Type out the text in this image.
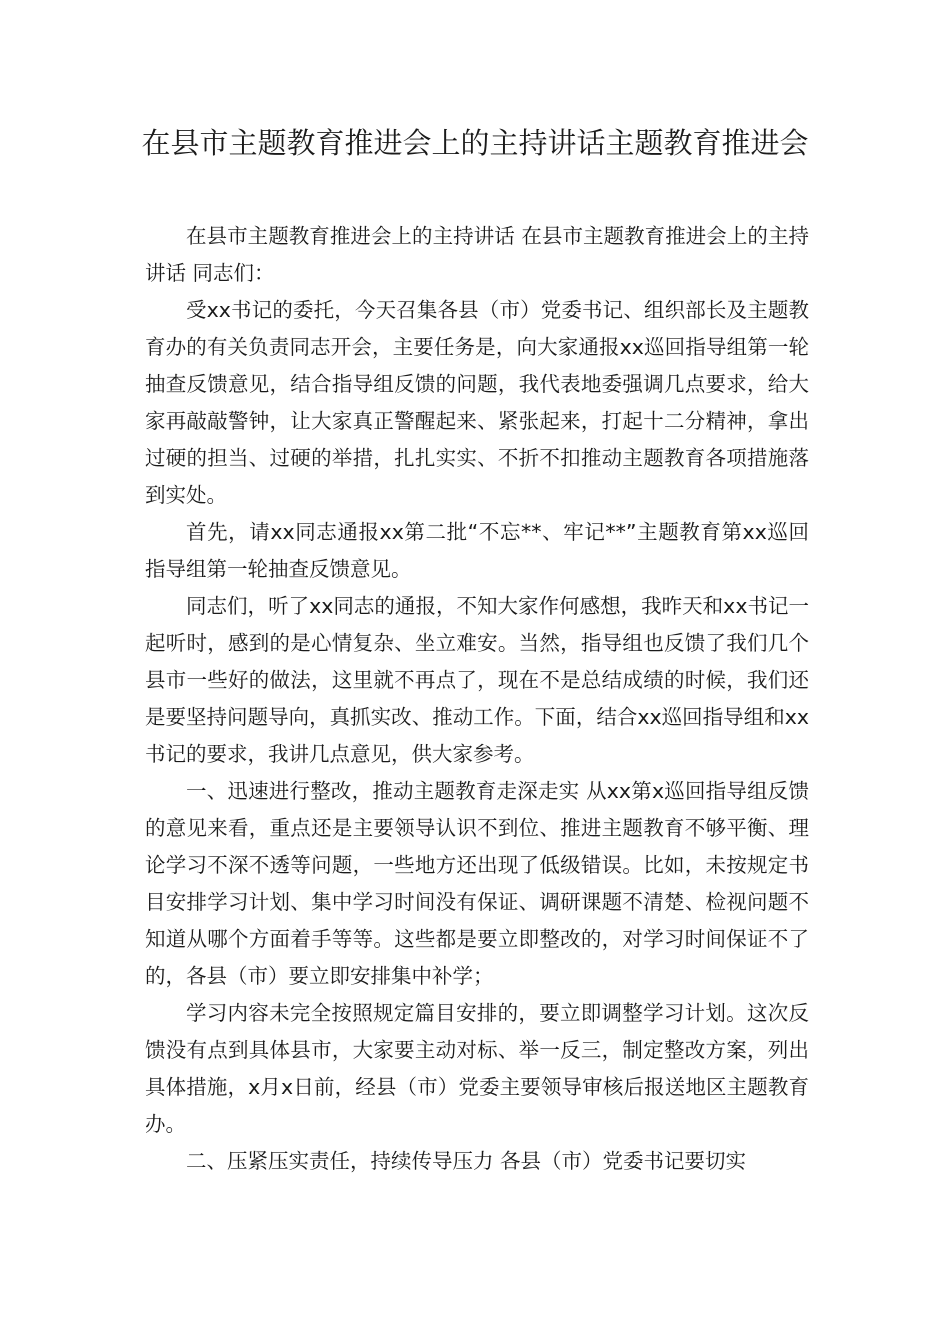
在县市主题教育推进会上的主持讲话主题教育推进会

在县市主题教育推进会上的主持讲话 在县市主题教育推进会上的主持讲话 同志们：

受xx书记的委托，今天召集各县（市）党委书记、组织部长及主题教育办的有关负责同志开会，主要任务是，向大家通报xx巡回指导组第一轮抽查反馈意见，结合指导组反馈的问题，我代表地委强调几点要求，给大家再敲敲警钟，让大家真正警醒起来、紧张起来，打起十二分精神，拿出过硬的担当、过硬的举措，扎扎实实、不折不扣推动主题教育各项措施落到实处。

首先，请xx同志通报xx第二批“不忘**、牢记**”主题教育第xx巡回指导组第一轮抽查反馈意见。

同志们，听了xx同志的通报，不知大家作何感想，我昨天和xx书记一起听时，感到的是心情复杂、坐立难安。当然，指导组也反馈了我们几个县市一些好的做法，这里就不再点了，现在不是总结成绩的时候，我们还是要坚持问题导向，真抓实改、推动工作。下面，结合xx巡回指导组和xx书记的要求，我讲几点意见，供大家参考。

一、迅速进行整改，推动主题教育走深走实 从xx第x巡回指导组反馈的意见来看，重点还是主要领导认识不到位、推进主题教育不够平衡、理论学习不深不透等问题，一些地方还出现了低级错误。比如，未按规定书目安排学习计划、集中学习时间没有保证、调研课题不清楚、检视问题不知道从哪个方面着手等等。这些都是要立即整改的，对学习时间保证不了的，各县（市）要立即安排集中补学；

学习内容未完全按照规定篇目安排的，要立即调整学习计划。这次反馈没有点到具体县市，大家要主动对标、举一反三，制定整改方案，列出具体措施，x月x日前，经县（市）党委主要领导审核后报送地区主题教育办。

二、压紧压实责任，持续传导压力 各县（市）党委书记要切实
